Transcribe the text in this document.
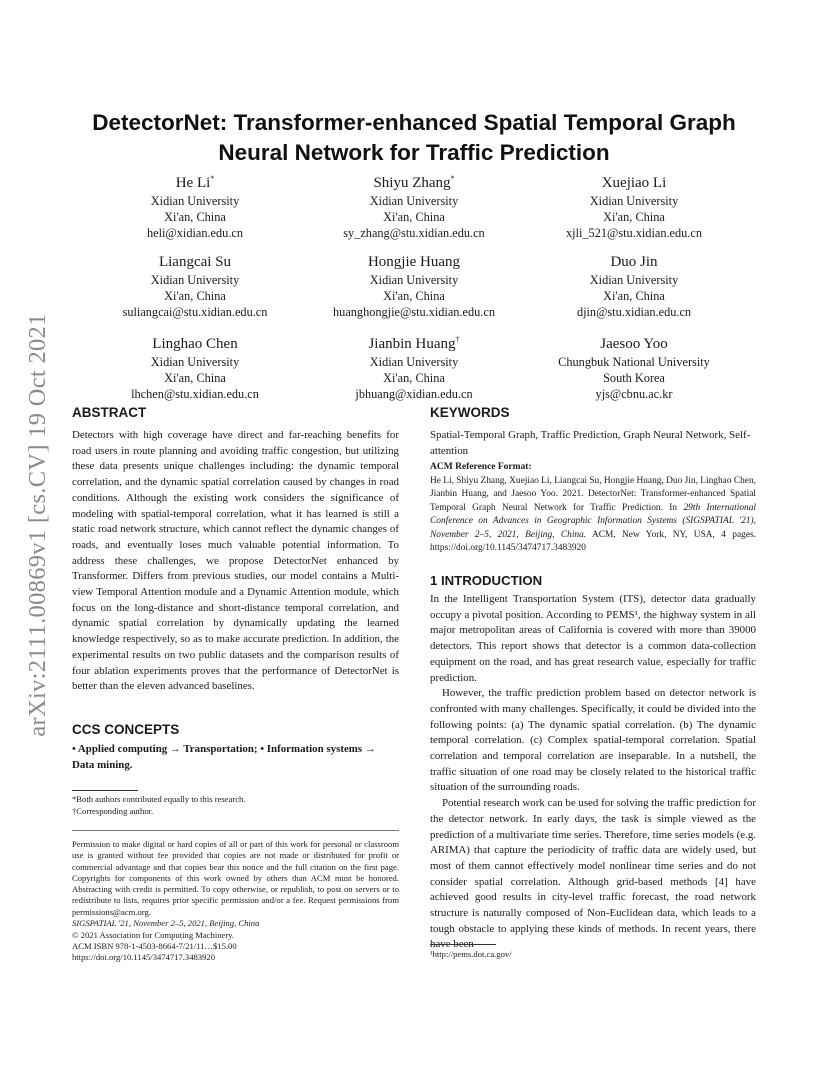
arXiv:2111.00869v1 [cs.CV] 19 Oct 2021
DetectorNet: Transformer-enhanced Spatial Temporal Graph
Neural Network for Traffic Prediction
He Li*
Xidian University
Xi'an, China
heli@xidian.edu.cn
Shiyu Zhang*
Xidian University
Xi'an, China
sy_zhang@stu.xidian.edu.cn
Xuejiao Li
Xidian University
Xi'an, China
xjli_521@stu.xidian.edu.cn
Liangcai Su
Xidian University
Xi'an, China
suliangcai@stu.xidian.edu.cn
Hongjie Huang
Xidian University
Xi'an, China
huanghongjie@stu.xidian.edu.cn
Duo Jin
Xidian University
Xi'an, China
djin@stu.xidian.edu.cn
Linghao Chen
Xidian University
Xi'an, China
lhchen@stu.xidian.edu.cn
Jianbin Huang†
Xidian University
Xi'an, China
jbhuang@xidian.edu.cn
Jaesoo Yoo
Chungbuk National University
South Korea
yjs@cbnu.ac.kr
ABSTRACT
Detectors with high coverage have direct and far-reaching benefits for road users in route planning and avoiding traffic congestion, but utilizing these data presents unique challenges including: the dynamic temporal correlation, and the dynamic spatial correlation caused by changes in road conditions. Although the existing work considers the significance of modeling with spatial-temporal correlation, what it has learned is still a static road network structure, which cannot reflect the dynamic changes of roads, and eventually loses much valuable potential information. To address these challenges, we propose DetectorNet enhanced by Transformer. Differs from previous studies, our model contains a Multi-view Temporal Attention module and a Dynamic Attention module, which focus on the long-distance and short-distance temporal correlation, and dynamic spatial correlation by dynamically updating the learned knowledge respectively, so as to make accurate prediction. In addition, the experimental results on two public datasets and the comparison results of four ablation experiments proves that the performance of DetectorNet is better than the eleven advanced baselines.
CCS CONCEPTS
• Applied computing → Transportation; • Information systems → Data mining.
*Both authors contributed equally to this research.
†Corresponding author.
Permission to make digital or hard copies of all or part of this work for personal or classroom use is granted without fee provided that copies are not made or distributed for profit or commercial advantage and that copies bear this notice and the full citation on the first page. Copyrights for components of this work owned by others than ACM must be honored. Abstracting with credit is permitted. To copy otherwise, or republish, to post on servers or to redistribute to lists, requires prior specific permission and/or a fee. Request permissions from permissions@acm.org.
SIGSPATIAL '21, November 2–5, 2021, Beijing, China
© 2021 Association for Computing Machinery.
ACM ISBN 978-1-4503-8664-7/21/11…$15.00
https://doi.org/10.1145/3474717.3483920
KEYWORDS
Spatial-Temporal Graph, Traffic Prediction, Graph Neural Network, Self-attention
ACM Reference Format:
He Li, Shiyu Zhang, Xuejiao Li, Liangcai Su, Hongjie Huang, Duo Jin, Linghao Chen, Jianbin Huang, and Jaesoo Yoo. 2021. DetectorNet: Transformer-enhanced Spatial Temporal Graph Neural Network for Traffic Prediction. In 29th International Conference on Advances in Geographic Information Systems (SIGSPATIAL '21), November 2–5, 2021, Beijing, China. ACM, New York, NY, USA, 4 pages. https://doi.org/10.1145/3474717.3483920
1 INTRODUCTION

In the Intelligent Transportation System (ITS), detector data gradually occupy a pivotal position. According to PEMS¹, the highway system in all major metropolitan areas of California is covered with more than 39000 detectors. This report shows that detector is a common data-collection equipment on the road, and has great research value, especially for traffic prediction.

However, the traffic prediction problem based on detector network is confronted with many challenges. Specifically, it could be divided into the following points: (a) The dynamic spatial correlation. (b) The dynamic temporal correlation. (c) Complex spatial-temporal correlation. Spatial correlation and temporal correlation are inseparable. In a nutshell, the traffic situation of one road may be closely related to the historical traffic situation of the surrounding roads.

Potential research work can be used for solving the traffic prediction for the detector network. In early days, the task is simple viewed as the prediction of a multivariate time series. Therefore, time series models (e.g. ARIMA) that capture the periodicity of traffic data are widely used, but most of them cannot effectively model nonlinear time series and do not consider spatial correlation. Although grid-based methods [4] have achieved good results in city-level traffic forecast, the road network structure is naturally composed of Non-Euclidean data, which leads to a tough obstacle to applying these kinds of methods. In recent years, there have been

¹http://pems.dot.ca.gov/
